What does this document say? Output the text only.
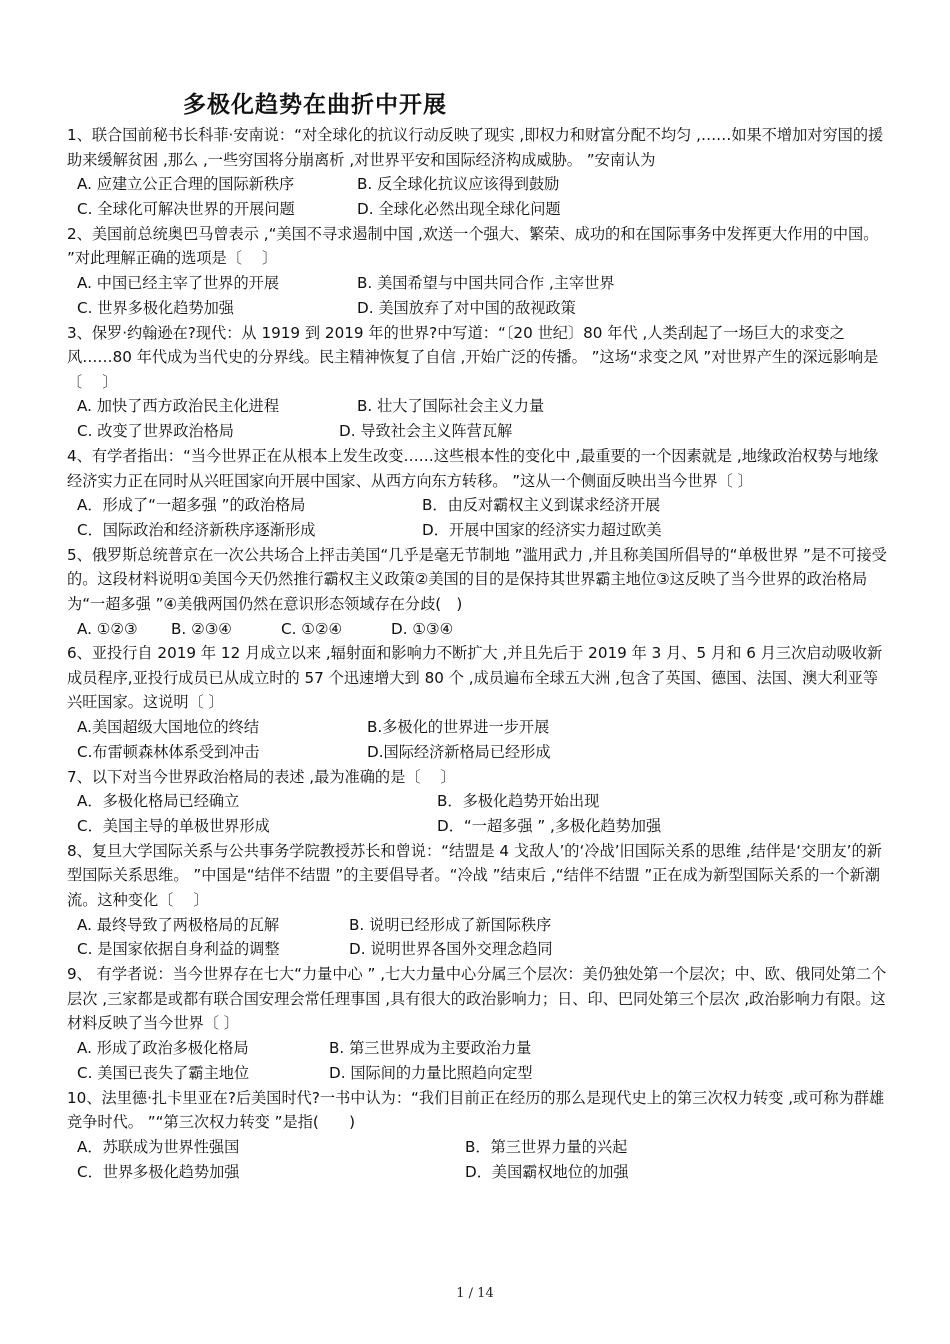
多极化趋势在曲折中开展
1、联合国前秘书长科菲·安南说：“对全球化的抗议行动反映了现实 ,即权力和财富分配不均匀 ,……如果不增加对穷国的援助来缓解贫困 ,那么 ,一些穷国将分崩离析 ,对世界平安和国际经济构成威胁。 ”安南认为
A. 应建立公正合理的国际新秩序	B. 反全球化抗议应该得到鼓励
C. 全球化可解决世界的开展问题	D. 全球化必然出现全球化问题
2、美国前总统奥巴马曾表示 ,“美国不寻求遏制中国 ,欢送一个强大、繁荣、成功的和在国际事务中发挥更大作用的中国。 ”对此理解正确的选项是〔 　〕
A. 中国已经主宰了世界的开展	B. 美国希望与中国共同合作 ,主宰世界
C. 世界多极化趋势加强	D. 美国放弃了对中国的敌视政策
3、保罗·约翰逊在?现代：从 1919 到 2019 年的世界?中写道：“〔20 世纪〕80 年代 ,人类刮起了一场巨大的求变之风……80 年代成为当代史的分界线。民主精神恢复了自信 ,开始广泛的传播。 ”这场“求变之风 ”对世界产生的深远影响是〔 　〕
A. 加快了西方政治民主化进程	B. 壮大了国际社会主义力量
C. 改变了世界政治格局	D. 导致社会主义阵营瓦解
4、有学者指出：“当今世界正在从根本上发生改变……这些根本性的变化中 ,最重要的一个因素就是 ,地缘政治权势与地缘经济实力正在同时从兴旺国家向开展中国家、从西方向东方转移。 ”这从一个侧面反映出当今世界〔 〕
A．形成了“一超多强 ”的政治格局	B．由反对霸权主义到谋求经济开展
C．国际政治和经济新秩序逐渐形成	D．开展中国家的经济实力超过欧美
5、俄罗斯总统普京在一次公共场合上抨击美国“几乎是毫无节制地 ”滥用武力 ,并且称美国所倡导的“单极世界 ”是不可接受的。这段材料说明①美国今天仍然推行霸权主义政策②美国的目的是保持其世界霸主地位③这反映了当今世界的政治格局为“一超多强 ”④美俄两国仍然在意识形态领域存在分歧(　)
A. ①②③	B. ②③④	C. ①②④	D. ①③④
6、亚投行自 2019 年 12 月成立以来 ,辐射面和影响力不断扩大 ,并且先后于 2019 年 3 月、5 月和 6 月三次启动吸收新成员程序,亚投行成员已从成立时的 57 个迅速增大到 80 个 ,成员遍布全球五大洲 ,包含了英国、德国、法国、澳大利亚等兴旺国家。这说明〔 〕
A.美国超级大国地位的终结	B.多极化的世界进一步开展
C.布雷顿森林体系受到冲击	D.国际经济新格局已经形成
7、以下对当今世界政治格局的表述 ,最为准确的是〔 　〕
A．多极化格局已经确立	B．多极化趋势开始出现
C．美国主导的单极世界形成	D．“一超多强 ” ,多极化趋势加强
8、复旦大学国际关系与公共事务学院教授苏长和曾说：“结盟是 4 戈敌人’的‘冷战’旧国际关系的思维 ,结伴是‘交朋友’的新型国际关系思维。 ”中国是“结伴不结盟 ”的主要倡导者。“冷战 ”结束后 ,“结伴不结盟 ”正在成为新型国际关系的一个新潮流。这种变化〔 　〕
A. 最终导致了两极格局的瓦解	B. 说明已经形成了新国际秩序
C. 是国家依据自身利益的调整	D. 说明世界各国外交理念趋同
9、 有学者说：当今世界存在七大“力量中心 ” ,七大力量中心分属三个层次：美仍独处第一个层次；中、欧、俄同处第二个层次 ,三家都是或都有联合国安理会常任理事国 ,具有很大的政治影响力；日、印、巴同处第三个层次 ,政治影响力有限。这材料反映了当今世界〔 〕
A. 形成了政治多极化格局	B. 第三世界成为主要政治力量
C. 美国已丧失了霸主地位	D. 国际间的力量比照趋向定型
10、法里德·扎卡里亚在?后美国时代?一书中认为：“我们目前正在经历的那么是现代史上的第三次权力转变 ,或可称为群雄竞争时代。 ”“第三次权力转变 ”是指(　　)
A．苏联成为世界性强国	B．第三世界力量的兴起
C．世界多极化趋势加强	D．美国霸权地位的加强
1 / 14
